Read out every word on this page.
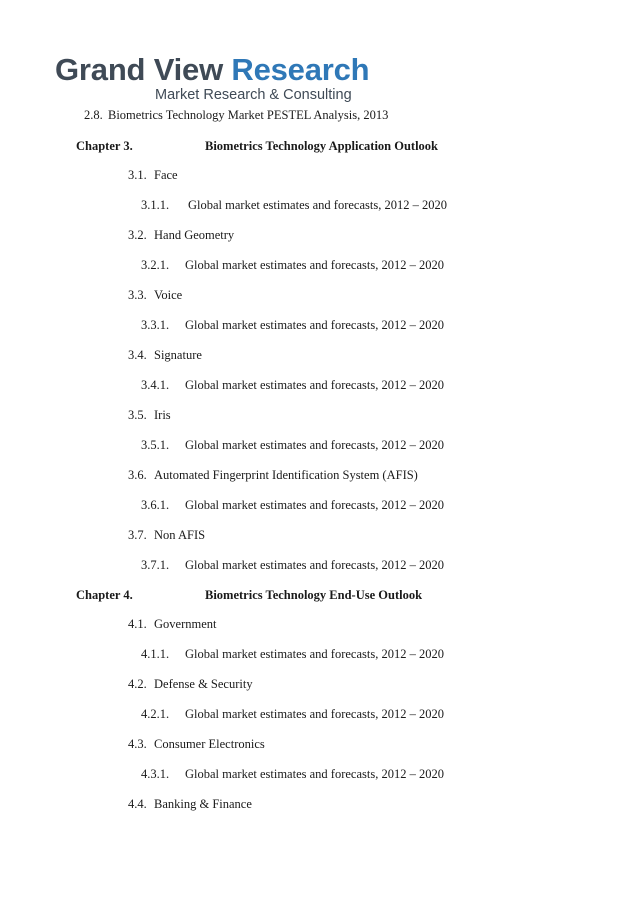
Grand View Research
Market Research & Consulting
2.8. Biometrics Technology Market PESTEL Analysis, 2013
Chapter 3.	Biometrics Technology Application Outlook
3.1. Face
3.1.1. Global market estimates and forecasts, 2012 – 2020
3.2. Hand Geometry
3.2.1. Global market estimates and forecasts, 2012 – 2020
3.3. Voice
3.3.1. Global market estimates and forecasts, 2012 – 2020
3.4. Signature
3.4.1. Global market estimates and forecasts, 2012 – 2020
3.5. Iris
3.5.1. Global market estimates and forecasts, 2012 – 2020
3.6. Automated Fingerprint Identification System (AFIS)
3.6.1. Global market estimates and forecasts, 2012 – 2020
3.7. Non AFIS
3.7.1. Global market estimates and forecasts, 2012 – 2020
Chapter 4.	Biometrics Technology End-Use Outlook
4.1. Government
4.1.1. Global market estimates and forecasts, 2012 – 2020
4.2. Defense & Security
4.2.1. Global market estimates and forecasts, 2012 – 2020
4.3. Consumer Electronics
4.3.1. Global market estimates and forecasts, 2012 – 2020
4.4. Banking & Finance
